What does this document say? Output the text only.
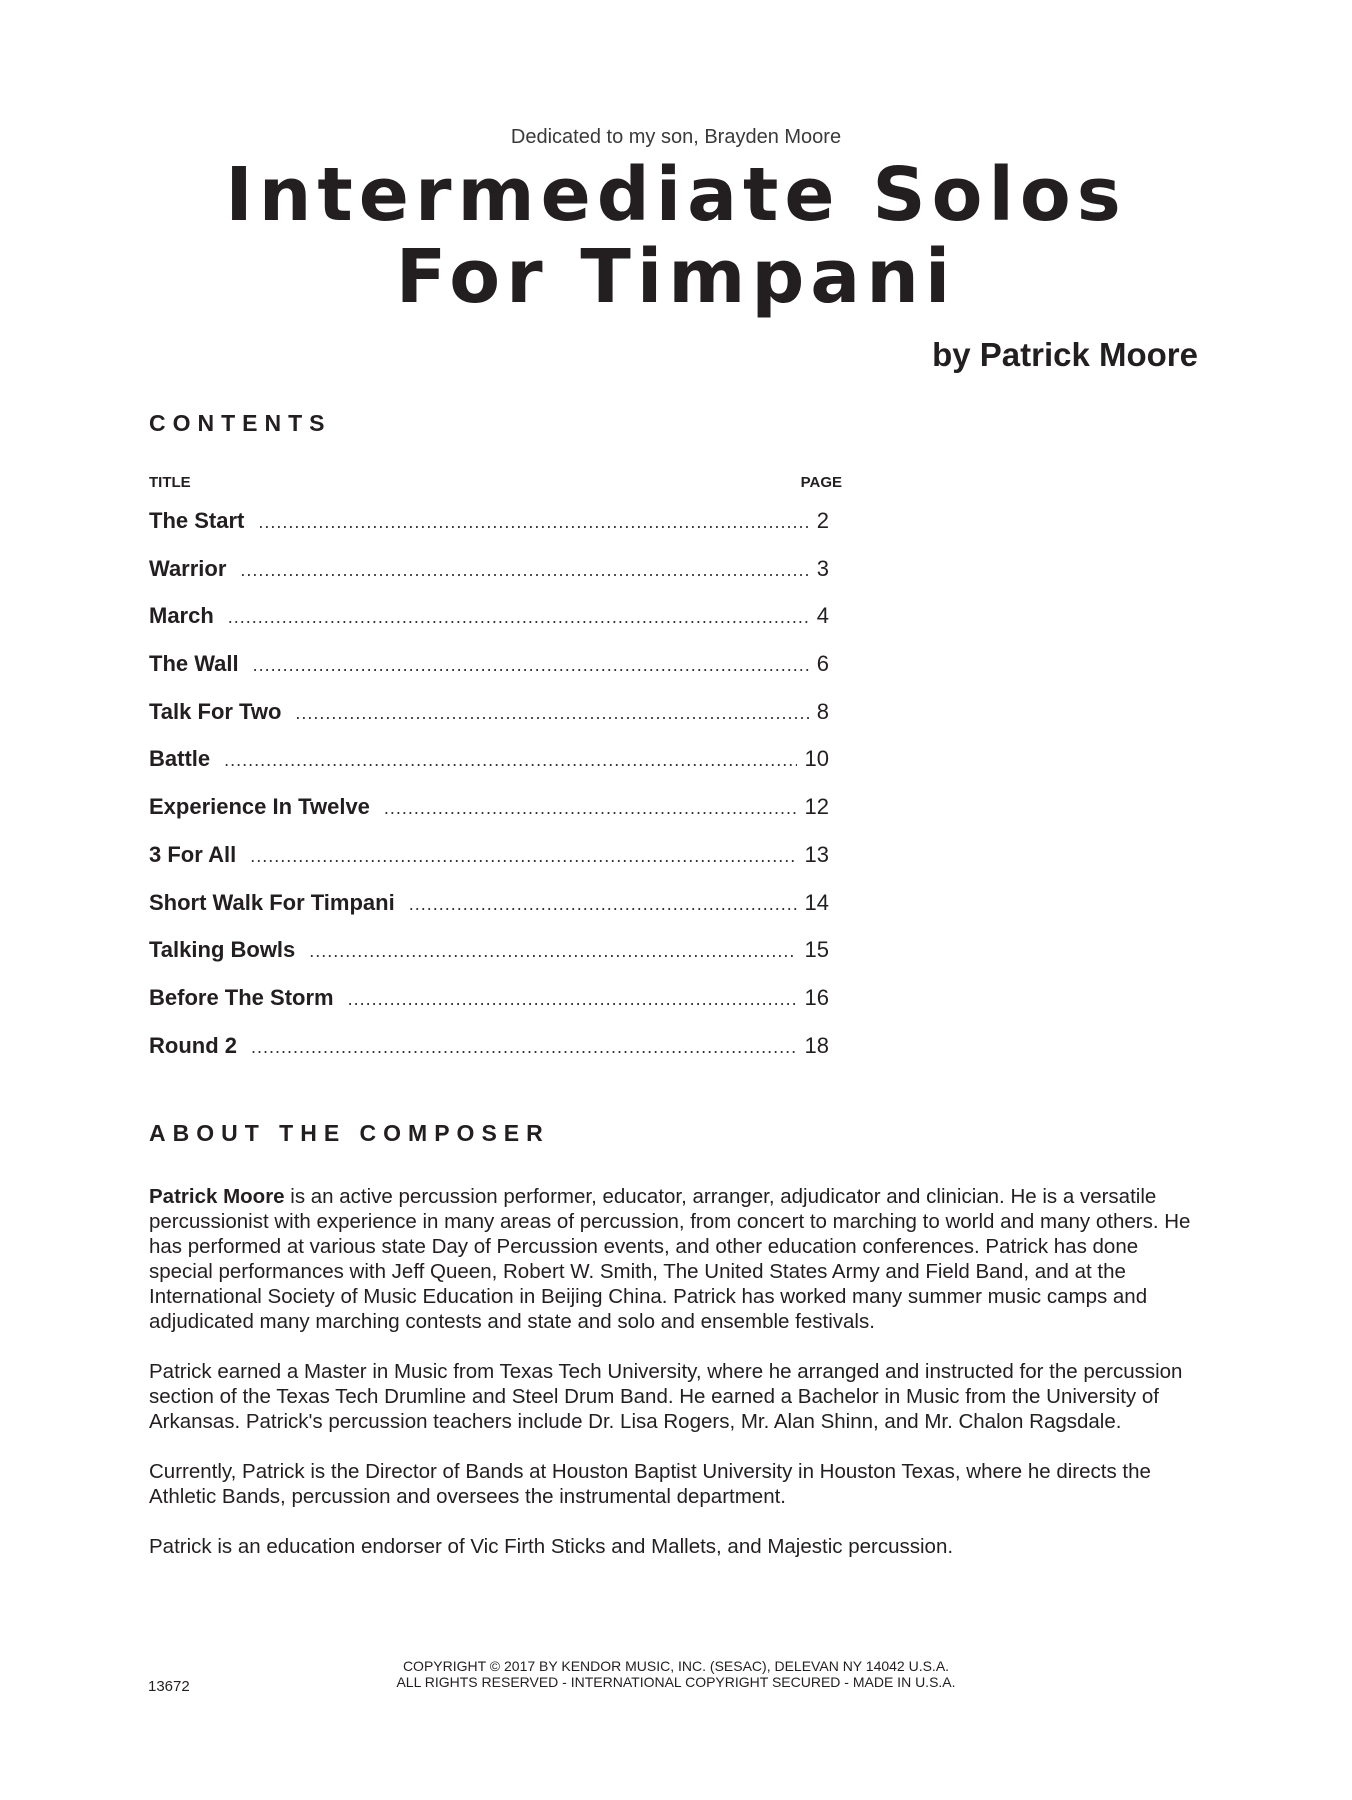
Dedicated to my son, Brayden Moore
Intermediate Solos
For Timpani
by Patrick Moore
CONTENTS
TITLE	PAGE
The Start .....	2
Warrior .....	3
March .....	4
The Wall .....	6
Talk For Two .....	8
Battle .....	10
Experience In Twelve .....	12
3 For All .....	13
Short Walk For Timpani .....	14
Talking Bowls .....	15
Before The Storm .....	16
Round 2 .....	18
ABOUT THE COMPOSER

Patrick Moore is an active percussion performer, educator, arranger, adjudicator and clinician. He is a versatile percussionist with experience in many areas of percussion, from concert to marching to world and many others. He has performed at various state Day of Percussion events, and other education conferences. Patrick has done special performances with Jeff Queen, Robert W. Smith, The United States Army and Field Band, and at the International Society of Music Education in Beijing China. Patrick has worked many summer music camps and adjudicated many marching contests and state and solo and ensemble festivals.

Patrick earned a Master in Music from Texas Tech University, where he arranged and instructed for the percussion section of the Texas Tech Drumline and Steel Drum Band. He earned a Bachelor in Music from the University of Arkansas. Patrick's percussion teachers include Dr. Lisa Rogers, Mr. Alan Shinn, and Mr. Chalon Ragsdale.

Currently, Patrick is the Director of Bands at Houston Baptist University in Houston Texas, where he directs the Athletic Bands, percussion and oversees the instrumental department.

Patrick is an education endorser of Vic Firth Sticks and Mallets, and Majestic percussion.

COPYRIGHT © 2017 BY KENDOR MUSIC, INC. (SESAC), DELEVAN NY 14042 U.S.A.
ALL RIGHTS RESERVED - INTERNATIONAL COPYRIGHT SECURED - MADE IN U.S.A.
13672
